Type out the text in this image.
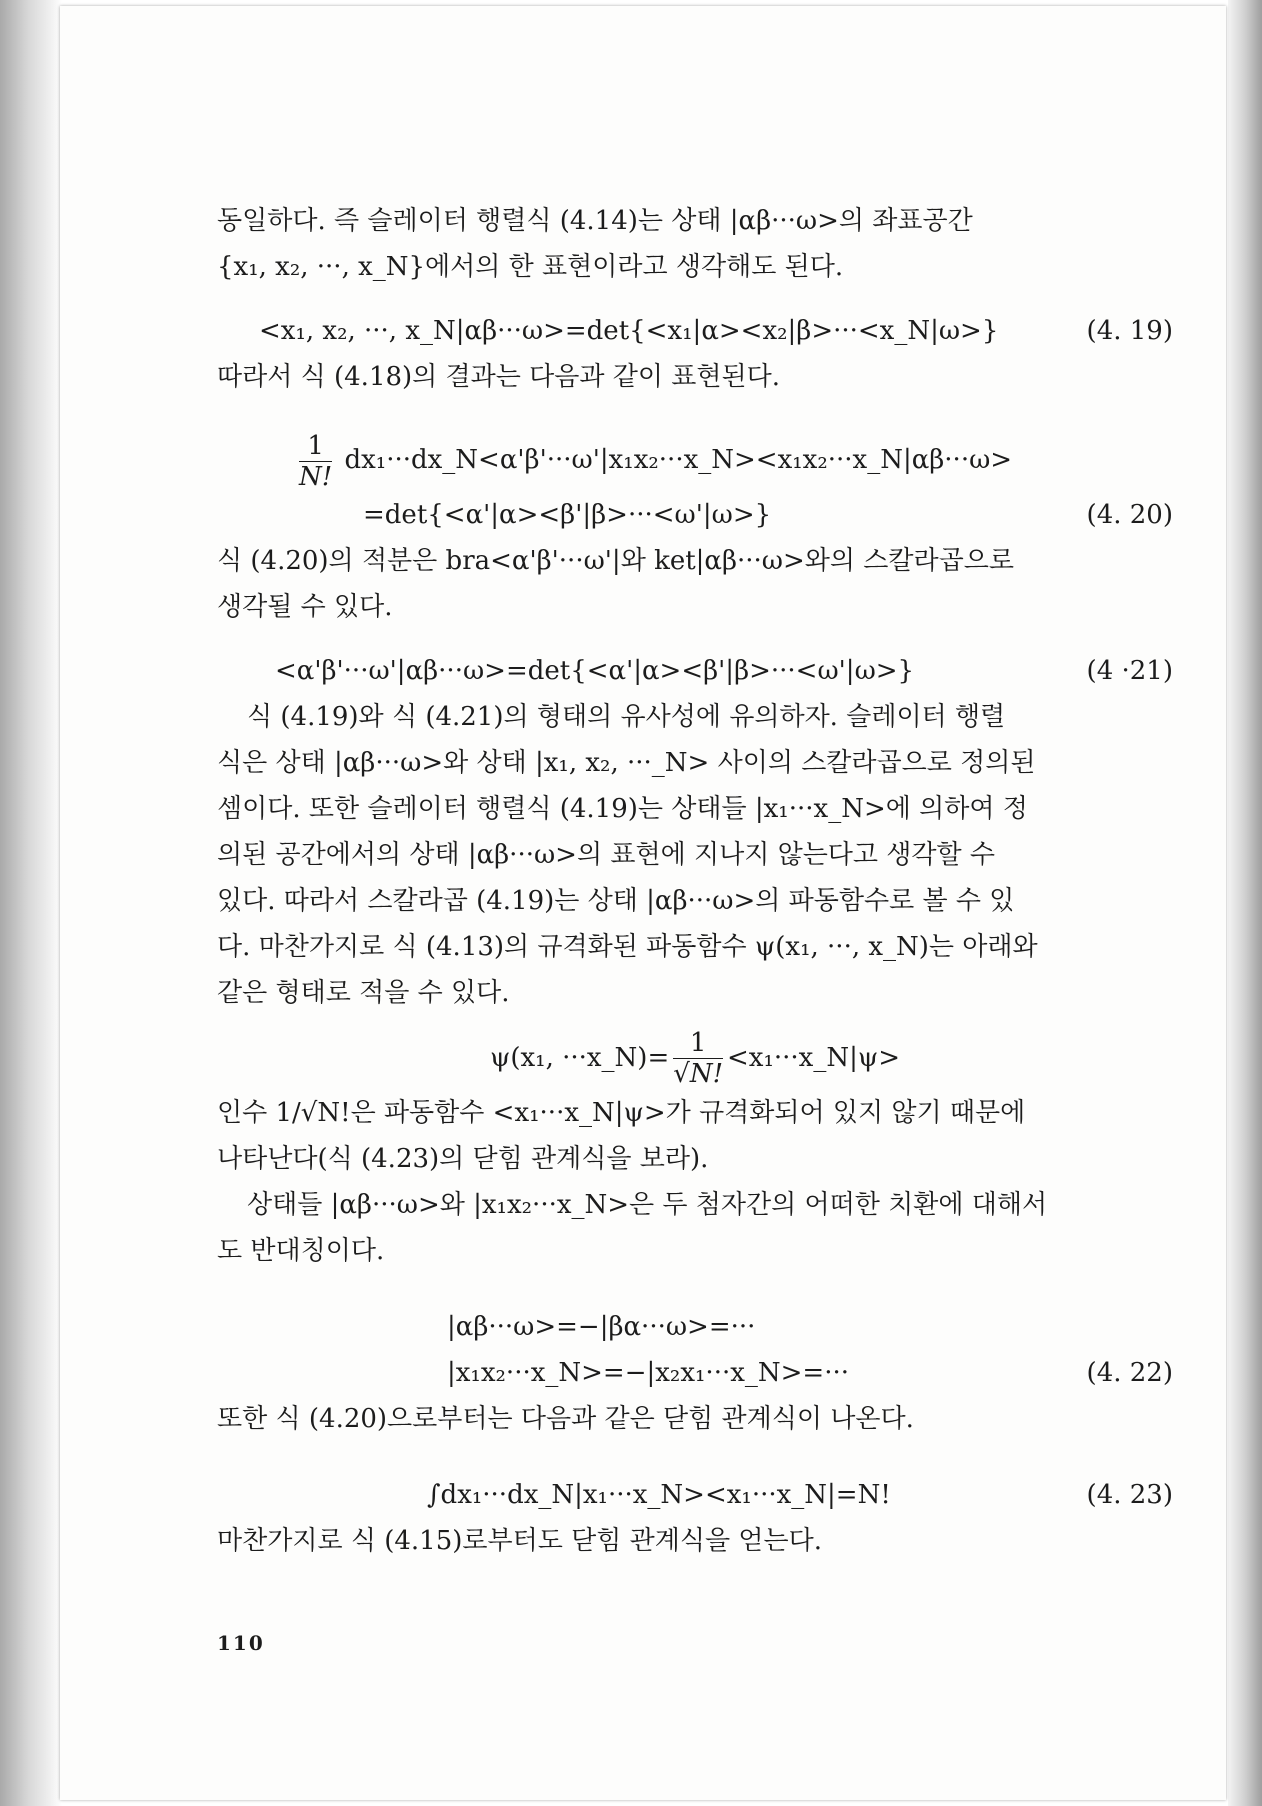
동일하다. 즉 슬레이터 행렬식 (4.14)는 상태 |αβ···ω>의 좌표공간

{x₁, x₂, ···, x_N}에서의 한 표현이라고 생각해도 된다.

<x₁, x₂, ···, x_N|αβ···ω>=det{<x₁|α><x₂|β>···<x_N|ω>}	(4. 19)

따라서 식 (4.18)의 결과는 다음과 같이 표현된다.

$\frac{1}{N!}$ dx₁···dx_N<α'β'···ω'|x₁x₂···x_N><x₁x₂···x_N|αβ···ω>
=det{<α'|α><β'|β>···<ω'|ω>}	(4. 20)

식 (4.20)의 적분은 bra<α'β'···ω'|와 ket|αβ···ω>와의 스칼라곱으로

생각될 수 있다.

<α'β'···ω'|αβ···ω>=det{<α'|α><β'|β>···<ω'|ω>}	(4 ·21)

식 (4.19)와 식 (4.21)의 형태의 유사성에 유의하자. 슬레이터 행렬

식은 상태 |αβ···ω>와 상태 |x₁, x₂, ···_N> 사이의 스칼라곱으로 정의된

셈이다. 또한 슬레이터 행렬식 (4.19)는 상태들 |x₁···x_N>에 의하여 정

의된 공간에서의 상태 |αβ···ω>의 표현에 지나지 않는다고 생각할 수

있다. 따라서 스칼라곱 (4.19)는 상태 |αβ···ω>의 파동함수로 볼 수 있

다. 마찬가지로 식 (4.13)의 규격화된 파동함수 ψ(x₁, ···, x_N)는 아래와

같은 형태로 적을 수 있다.

ψ(x₁, ···x_N)= $\frac{1}{√N!}$ <x₁···x_N|ψ>

인수 1/√N!은 파동함수 <x₁···x_N|ψ>가 규격화되어 있지 않기 때문에

나타난다(식 (4.23)의 닫힘 관계식을 보라).

상태들 |αβ···ω>와 |x₁x₂···x_N>은 두 첨자간의 어떠한 치환에 대해서

도 반대칭이다.

|αβ···ω>=−|βα···ω>=···
|x₁x₂···x_N>=−|x₂x₁···x_N>=···	(4. 22)

또한 식 (4.20)으로부터는 다음과 같은 닫힘 관계식이 나온다.

∫dx₁···dx_N|x₁···x_N><x₁···x_N|=N!	(4. 23)

마찬가지로 식 (4.15)로부터도 닫힘 관계식을 얻는다.

110
